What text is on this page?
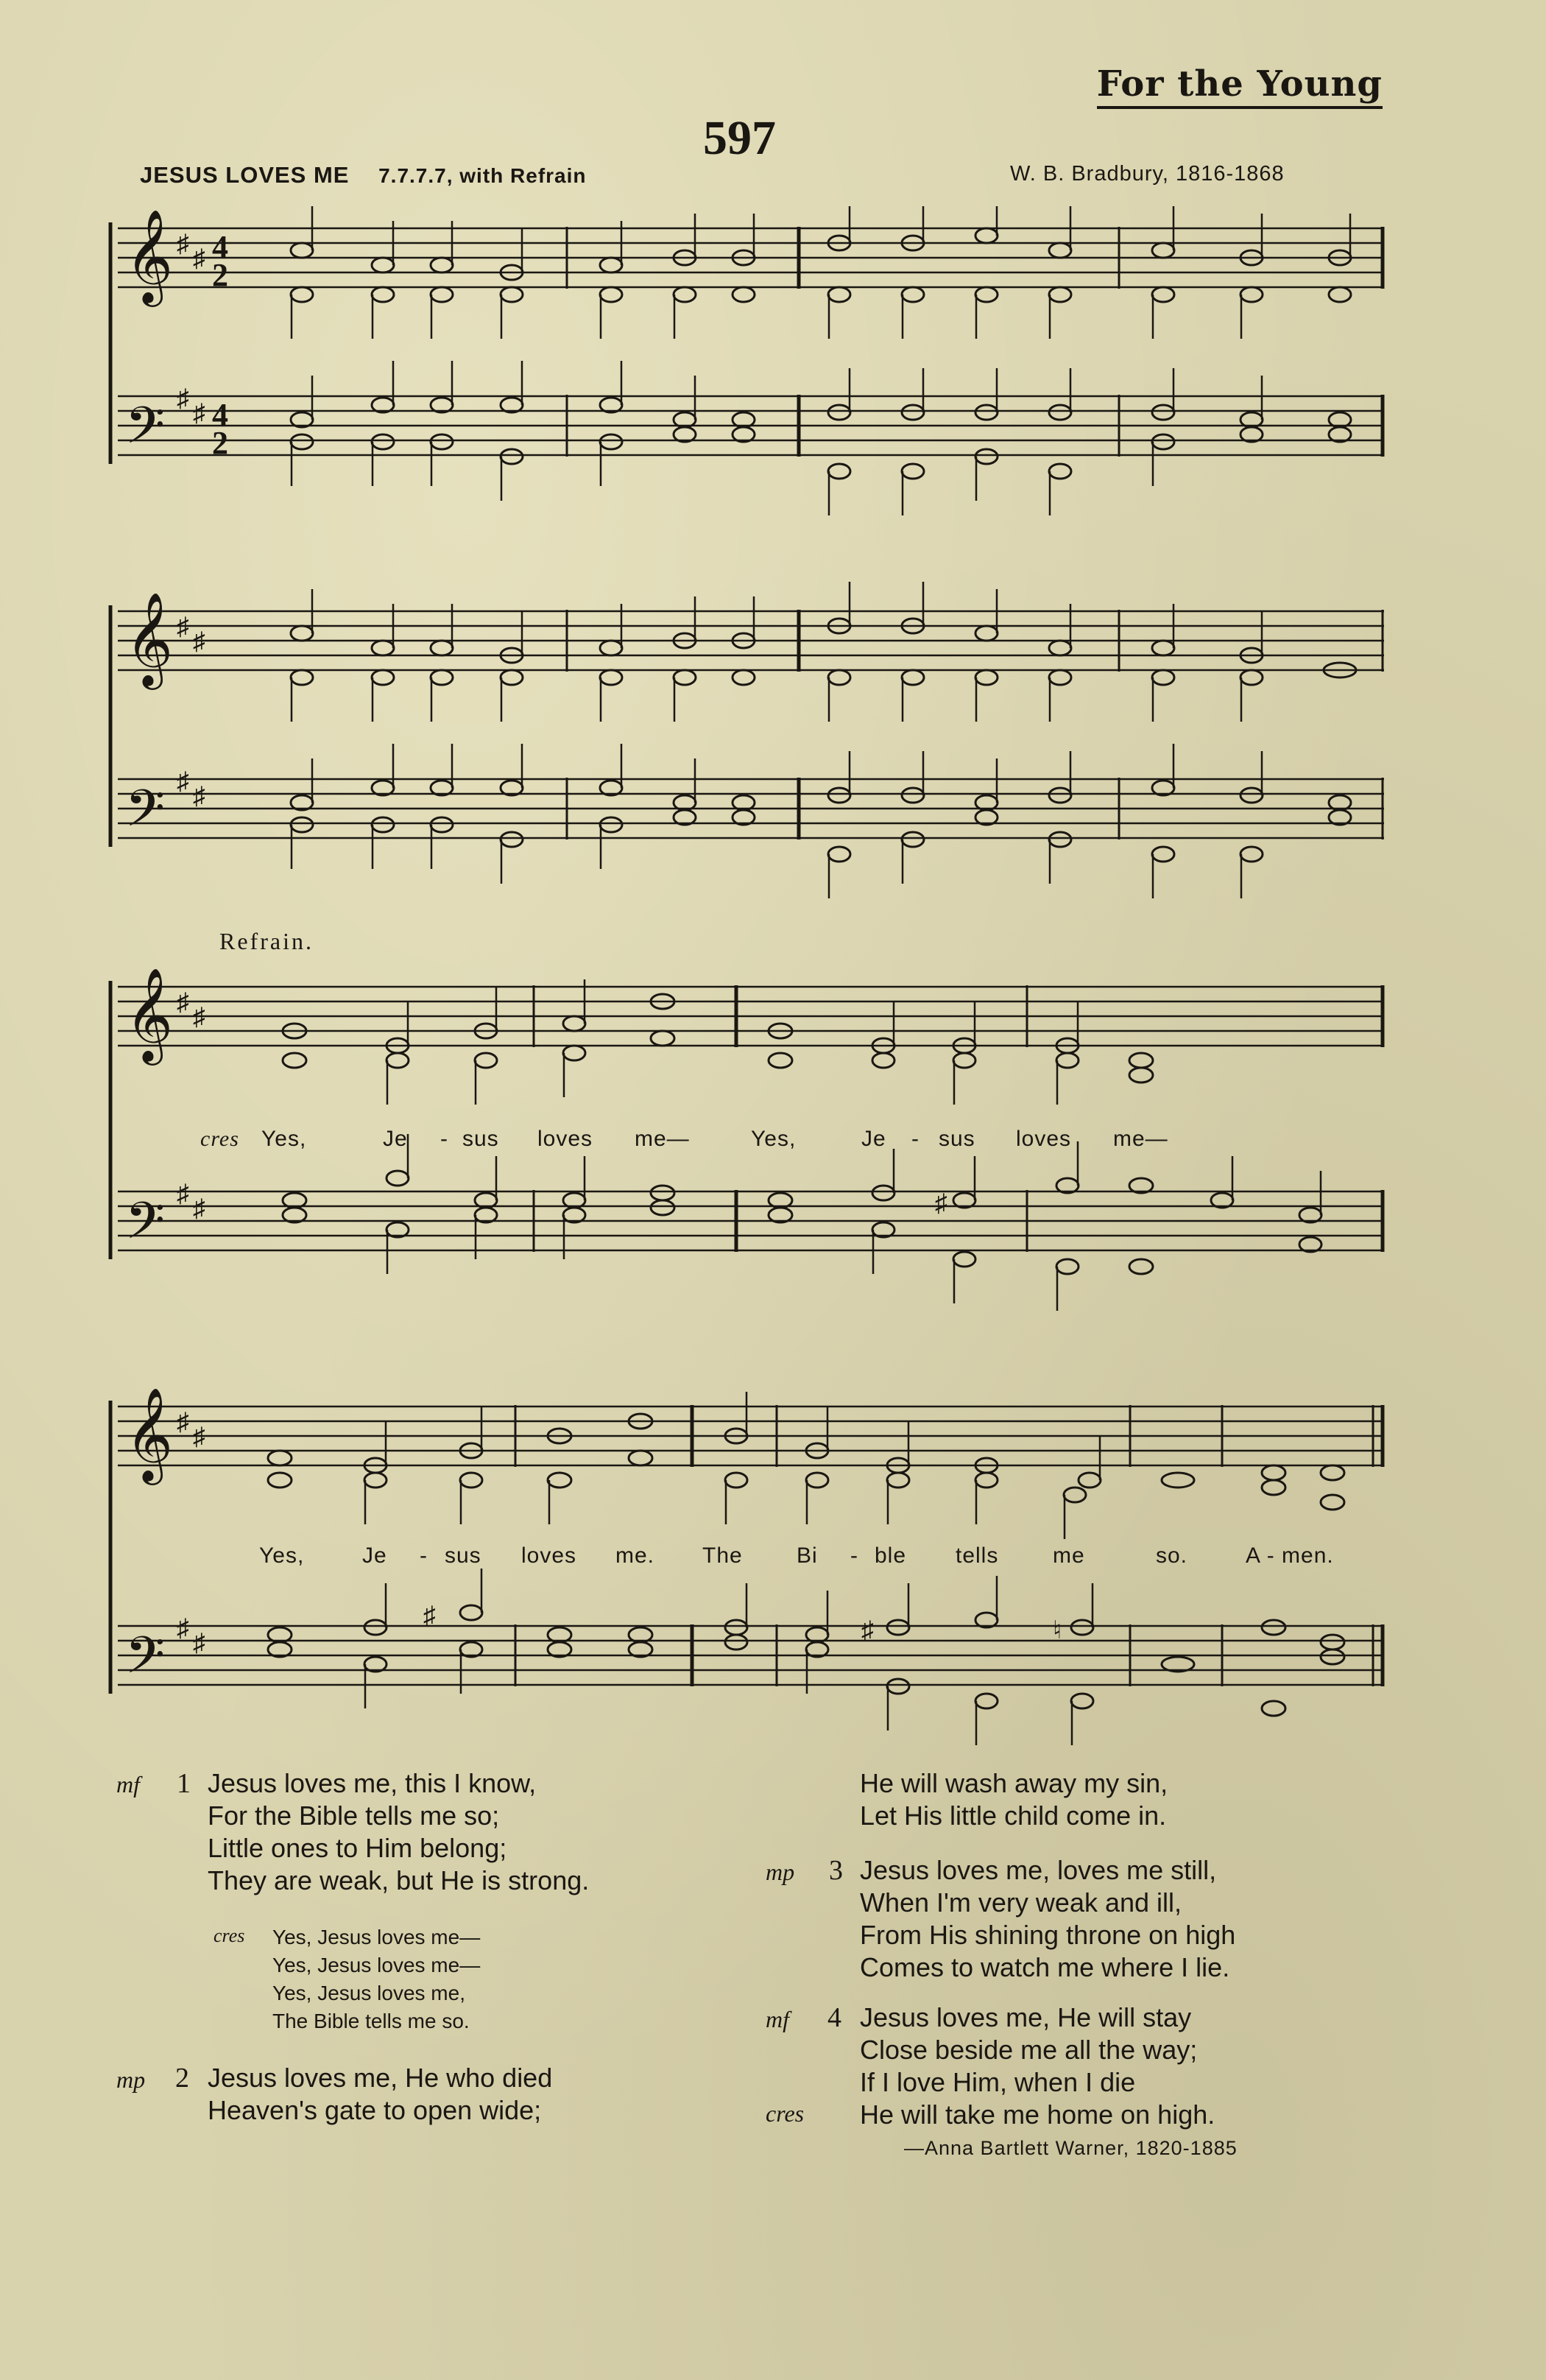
For the Young
597
JESUS LOVES ME 7.7.7.7, with Refrain	W. B. Bradbury, 1816-1868
𝄞
𝄢
♯
♯
♯
♯
4
2
4
2
𝄞
𝄢
♯
♯
♯
♯
Refrain.
𝄞
𝄢
♯
♯
♯
♯	♯
cres Yes,	Je - sus loves me—	Yes,	Je - sus loves me—
𝄞
𝄢
♯
♯
♯
♯	♯	♮
♯
Yes,	Je - sus loves me. The Bi - ble tells me	so.	A - men.
mf 1 Jesus loves me, this I know,
For the Bible tells me so;
Little ones to Him belong;
They are weak, but He is strong.
cres Yes, Jesus loves me—
Yes, Jesus loves me—
Yes, Jesus loves me,
The Bible tells me so.
mp 2 Jesus loves me, He who died
Heaven's gate to open wide;
He will wash away my sin,
Let His little child come in.
mp 3 Jesus loves me, loves me still,
When I'm very weak and ill,
From His shining throne on high
Comes to watch me where I lie.
mf 4 Jesus loves me, He will stay
Close beside me all the way;
If I love Him, when I die
cres He will take me home on high.
—Anna Bartlett Warner, 1820-1885
